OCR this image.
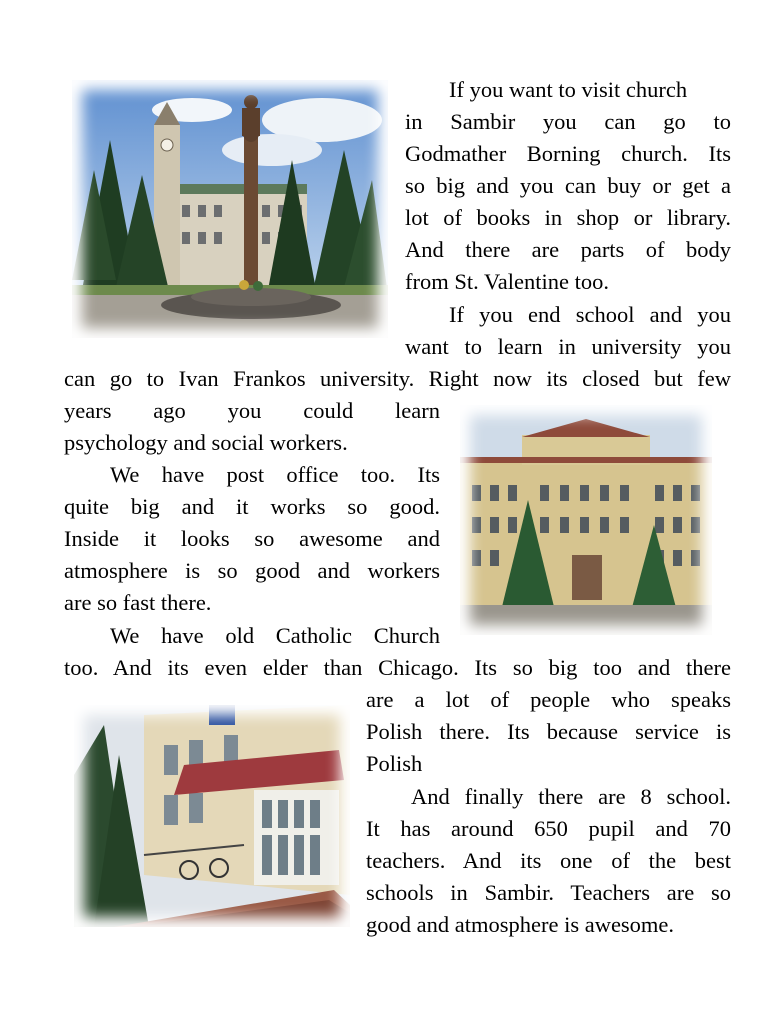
If you want to visit church
in Sambir you can go to
Godmather Borning church. Its
so big and you can buy or get a
lot of books in shop or library.
And there are parts of body
from St. Valentine too.
If you end school and you
want to learn in university you
can go to Ivan Frankos university. Right now its closed but few
years ago you could learn
psychology and social workers.
We have post office too. Its
quite big and it works so good.
Inside it looks so awesome and
atmosphere is so good and workers
are so fast there.
We have old Catholic Church
too. And its even elder than Chicago. Its so big too and there
are a lot of people who speaks
Polish there. Its because service is
Polish
And finally there are 8 school.
It has around 650 pupil and 70
teachers. And its one of the best
schools in Sambir. Teachers are so
good and atmosphere is awesome.
